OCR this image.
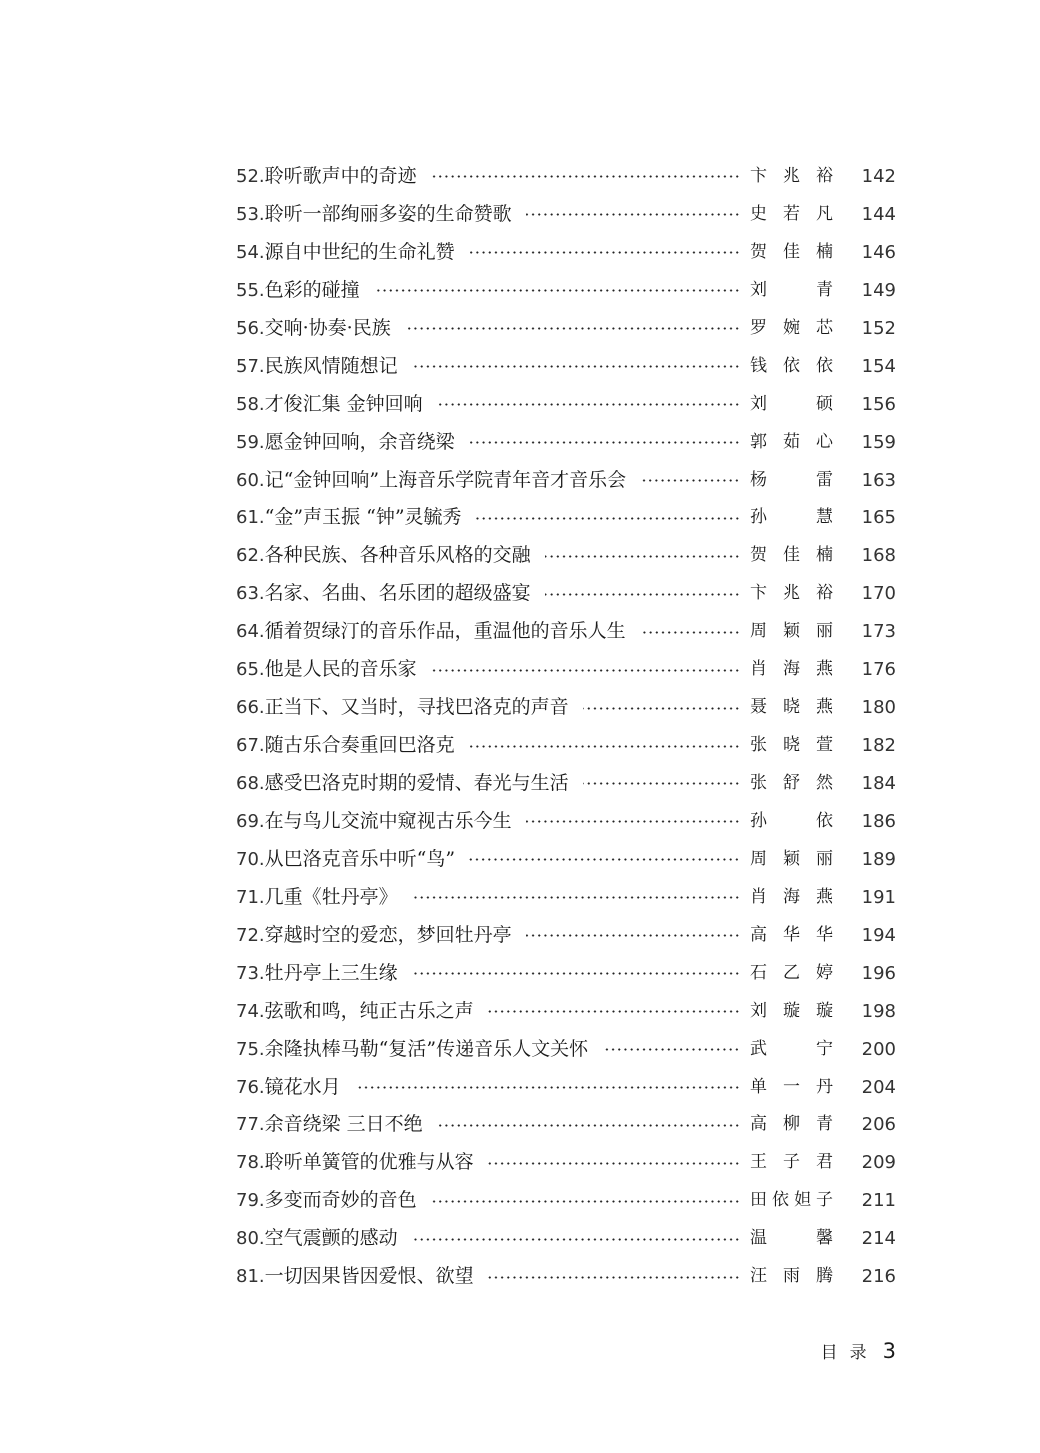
52. 聆听歌声中的奇迹	卞兆裕	142
53. 聆听一部绚丽多姿的生命赞歌	史若凡	144
54. 源自中世纪的生命礼赞	贺佳楠	146
55. 色彩的碰撞	刘 青	149
56. 交响·协奏·民族	罗婉芯	152
57. 民族风情随想记	钱依依	154
58. 才俊汇集 金钟回响	刘 硕	156
59. 愿金钟回响，余音绕梁	郭茹心	159
60. 记“金钟回响”上海音乐学院青年音才音乐会	杨 雷	163
61. “金”声玉振 “钟”灵毓秀	孙 慧	165
62. 各种民族、各种音乐风格的交融	贺佳楠	168
63. 名家、名曲、名乐团的超级盛宴	卞兆裕	170
64. 循着贺绿汀的音乐作品，重温他的音乐人生	周颖丽	173
65. 他是人民的音乐家	肖海燕	176
66. 正当下、又当时，寻找巴洛克的声音	聂晓燕	180
67. 随古乐合奏重回巴洛克	张晓萱	182
68. 感受巴洛克时期的爱情、春光与生活	张舒然	184
69. 在与鸟儿交流中窥视古乐今生	孙 依	186
70. 从巴洛克音乐中听“鸟”	周颖丽	189
71. 几重《牡丹亭》	肖海燕	191
72. 穿越时空的爱恋，梦回牡丹亭	高华华	194
73. 牡丹亭上三生缘	石乙婷	196
74. 弦歌和鸣，纯正古乐之声	刘璇璇	198
75. 余隆执棒马勒“复活”传递音乐人文关怀	武 宁	200
76. 镜花水月	单一丹	204
77. 余音绕梁 三日不绝	高柳青	206
78. 聆听单簧管的优雅与从容	王子君	209
79. 多变而奇妙的音色	田依妲子	211
80. 空气震颤的感动	温 馨	214
81. 一切因果皆因爱恨、欲望	汪雨腾	216
目录 3
